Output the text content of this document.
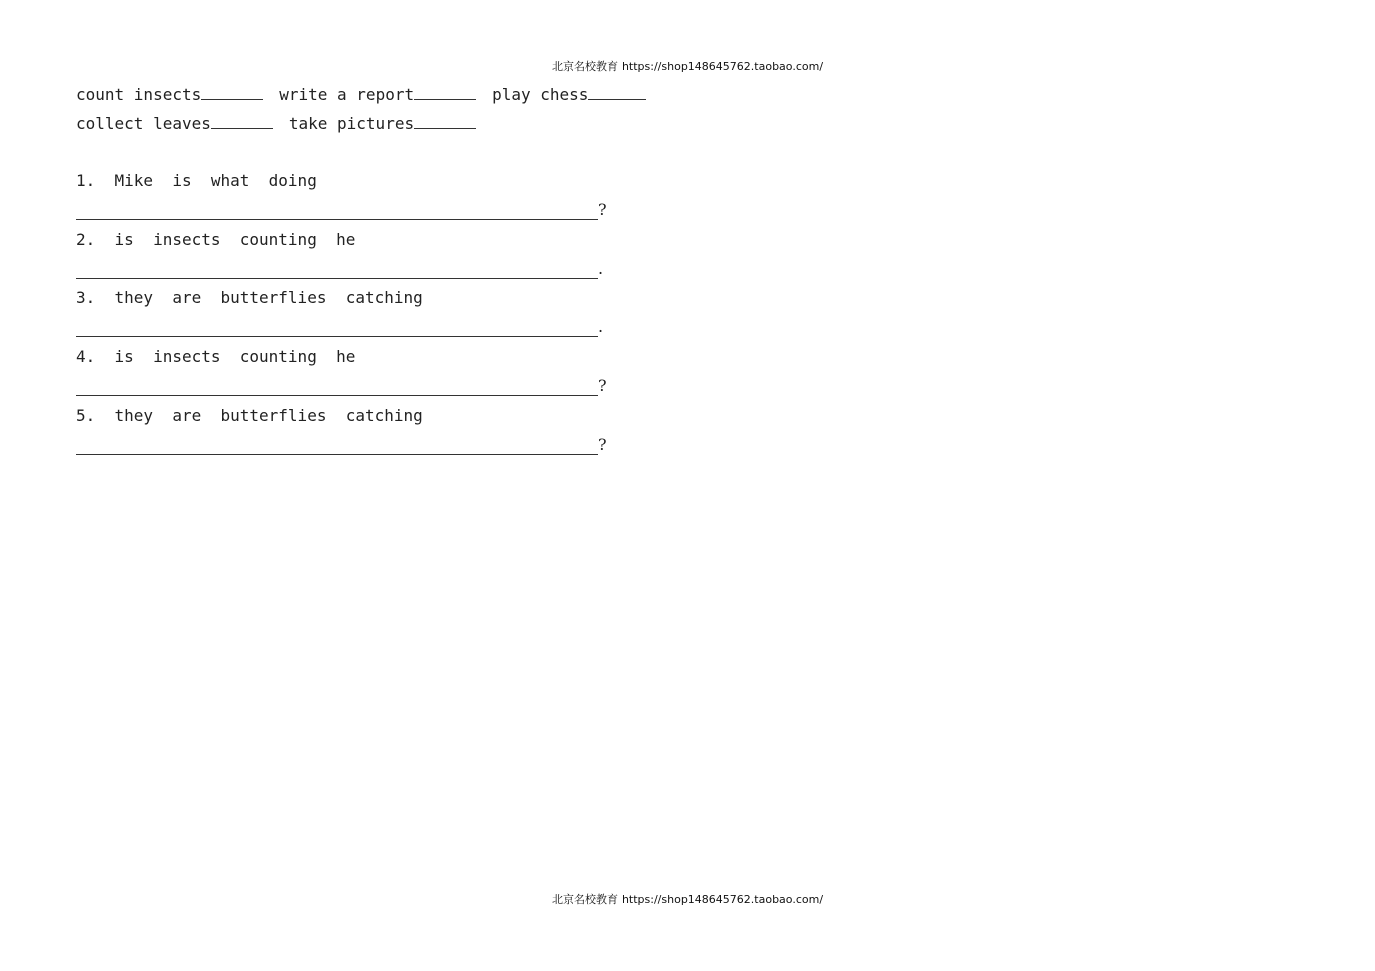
北京名校教育 https://shop148645762.taobao.com/
count insects	write a report	play chess
collect leaves	take pictures
1. Mike  is  what  doing
?
2. is  insects  counting  he
.
3. they  are  butterflies  catching
.
4. is  insects  counting  he
?
5. they  are  butterflies  catching
?
北京名校教育 https://shop148645762.taobao.com/
